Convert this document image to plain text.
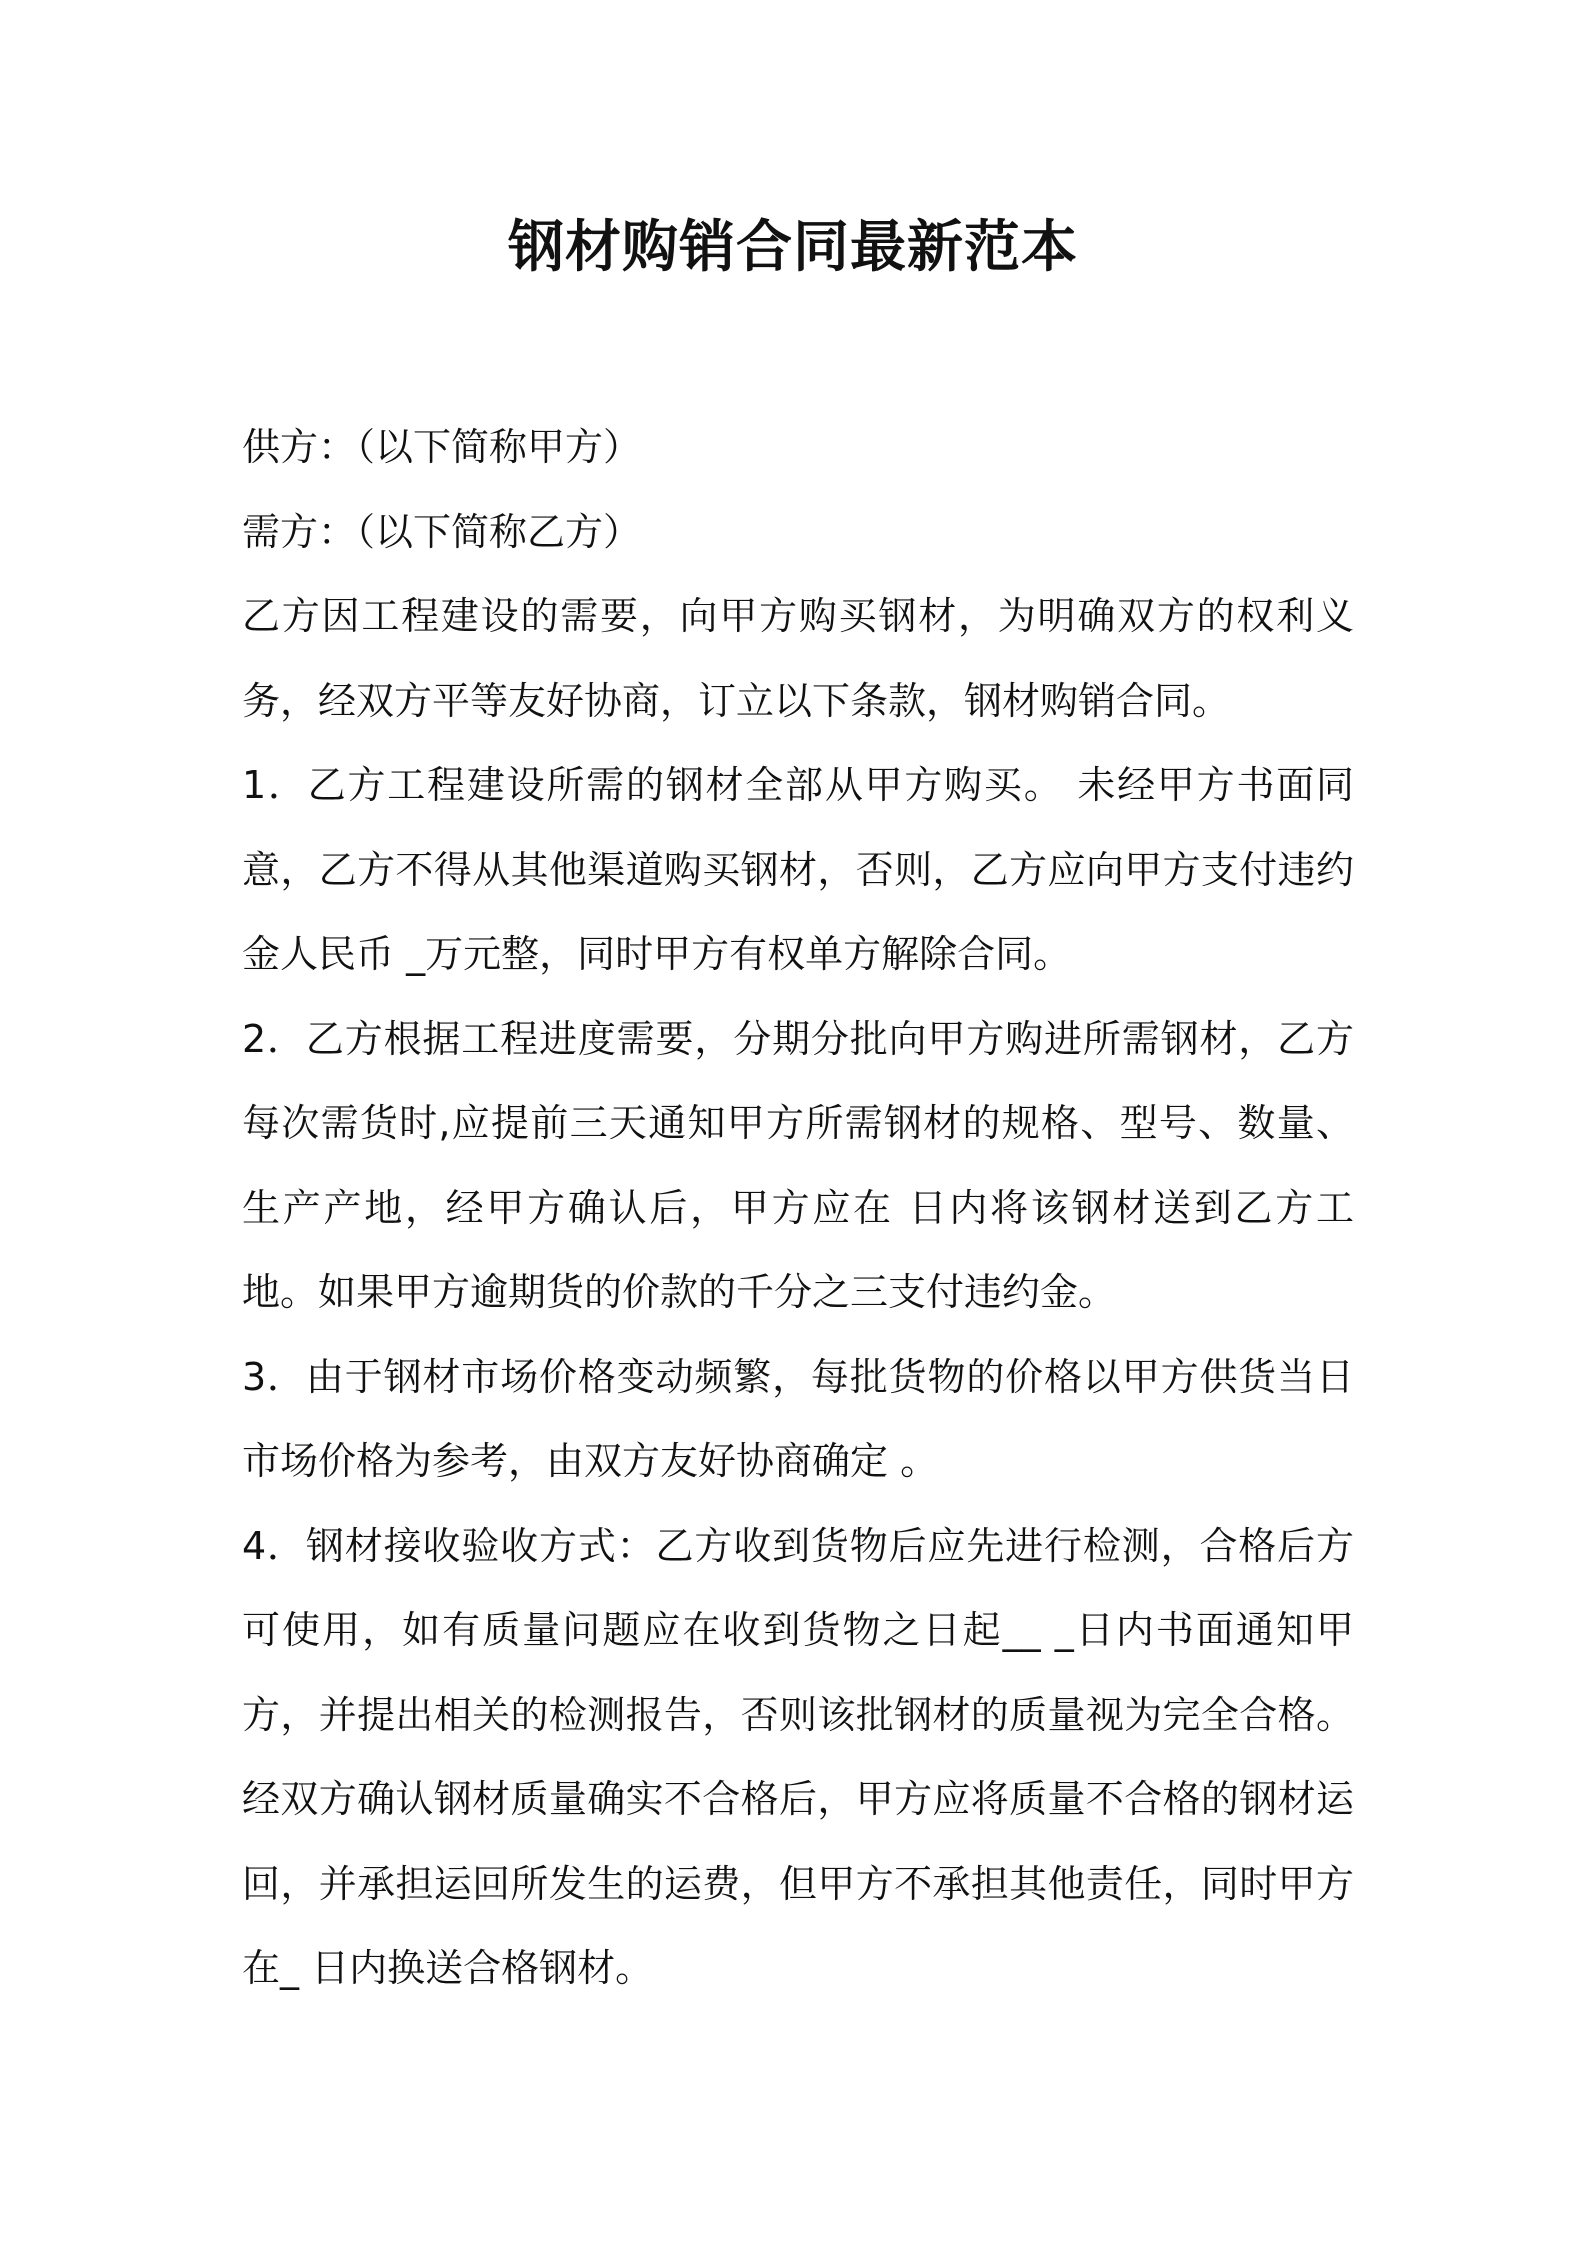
钢材购销合同最新范本

供方：（以下简称甲方）

需方：（以下简称乙方）

乙方因工程建设的需要，向甲方购买钢材，为明确双方的权利义务，经双方平等友好协商，订立以下条款，钢材购销合同。

1．乙方工程建设所需的钢材全部从甲方购买。 未经甲方书面同意，乙方不得从其他渠道购买钢材，否则，乙方应向甲方支付违约金人民币 _万元整，同时甲方有权单方解除合同。

2．乙方根据工程进度需要，分期分批向甲方购进所需钢材，乙方每次需货时,应提前三天通知甲方所需钢材的规格、型号、数量、生产产地，经甲方确认后，甲方应在 日内将该钢材送到乙方工地。如果甲方逾期货的价款的千分之三支付违约金。

3．由于钢材市场价格变动频繁，每批货物的价格以甲方供货当日市场价格为参考，由双方友好协商确定 。

4．钢材接收验收方式：乙方收到货物后应先进行检测，合格后方可使用，如有质量问题应在收到货物之日起__ _日内书面通知甲方，并提出相关的检测报告，否则该批钢材的质量视为完全合格。 经双方确认钢材质量确实不合格后，甲方应将质量不合格的钢材运回，并承担运回所发生的运费，但甲方不承担其他责任，同时甲方在_ 日内换送合格钢材。
